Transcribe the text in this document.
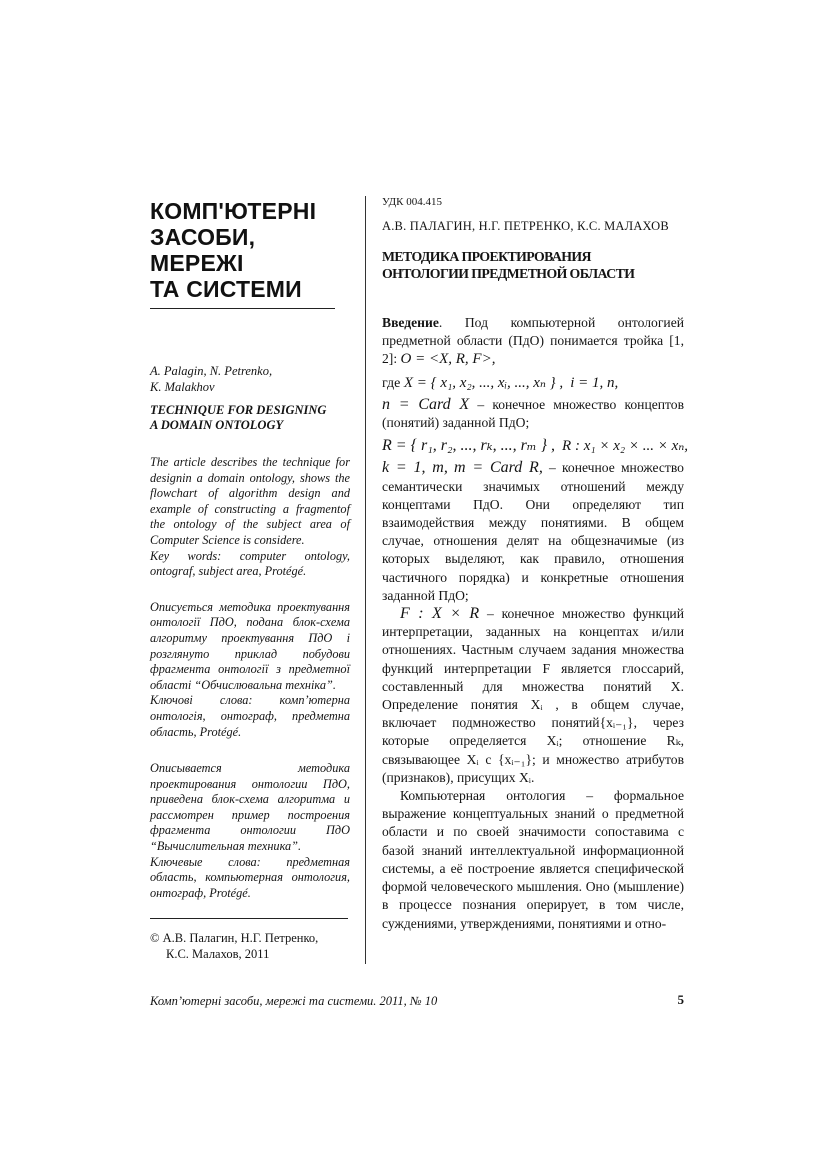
КОМП'ЮТЕРНІ
ЗАСОБИ,
МЕРЕЖІ
ТА СИСТЕМИ
A. Palagin, N. Petrenko,
K. Malakhov
TECHNIQUE FOR DESIGNING
A DOMAIN ONTOLOGY

The article describes the technique for designin a domain ontology, shows the flowchart of algorithm design and example of constructing a fragmentof the ontology of the subject area of Computer Science is considere.

Key words: computer ontology, ontograf, subject area, Protégé.

Описується методика проектування онтології ПдО, подана блок-схема алгоритму проектування ПдО і розглянуто приклад побудови фрагмента онтології з предметної області “Обчислювальна техніка”.

Ключові слова: комп’ютерна онтологія, онтограф, предметна область, Protégé.

Описывается методика проектирования онтологии ПдО, приведена блок-схема алгоритма и рассмотрен пример построения фрагмента онтологии ПдО “Вычислительная техника”.

Ключевые слова: предметная область, компьютерная онтология, онтограф, Protégé.

© А.В. Палагин, Н.Г. Петренко,
К.С. Малахов, 2011
УДК 004.415
А.В. ПАЛАГИН, Н.Г. ПЕТРЕНКО, К.С. МАЛАХОВ
МЕТОДИКА ПРОЕКТИРОВАНИЯ
ОНТОЛОГИИ ПРЕДМЕТНОЙ ОБЛАСТИ

Введение. Под компьютерной онтологией предметной области (ПдО) понимается тройка [1, 2]: O = <X, R, F>,

где X = { x₁, x₂, ..., xᵢ, ..., xₙ } , i = 1, n,

n = Card X – конечное множество концептов (понятий) заданной ПдО;

R = { r₁, r₂, ..., rₖ, ..., rₘ } , R : x₁ × x₂ × ... × xₙ,

k = 1, m, m = Card R, – конечное множество семантически значимых отношений между концептами ПдО. Они определяют тип взаимодействия между понятиями. В общем случае, отношения делят на общезначимые (из которых выделяют, как правило, отношения частичного порядка) и конкретные отношения заданной ПдО;

F : X × R – конечное множество функций интерпретации, заданных на концептах и/или отношениях. Частным случаем задания множества функций интерпретации F является глоссарий, составленный для множества понятий X. Определение понятия Xᵢ , в общем случае, включает подмножество понятий{xᵢ₋₁}, через которые определяется Xᵢ; отношение Rₖ, связывающее Xᵢ с {xᵢ₋₁}; и множество атрибутов (признаков), присущих Xᵢ.

Компьютерная онтология – формальное выражение концептуальных знаний о предметной области и по своей значимости сопоставима с базой знаний интеллектуальной информационной системы, а её построение является специфической формой человеческого мышления. Оно (мышление) в процессе познания оперирует, в том числе, суждениями, утверждениями, понятиями и отно-

Комп’ютерні засоби, мережі та системи. 2011, № 10	5
